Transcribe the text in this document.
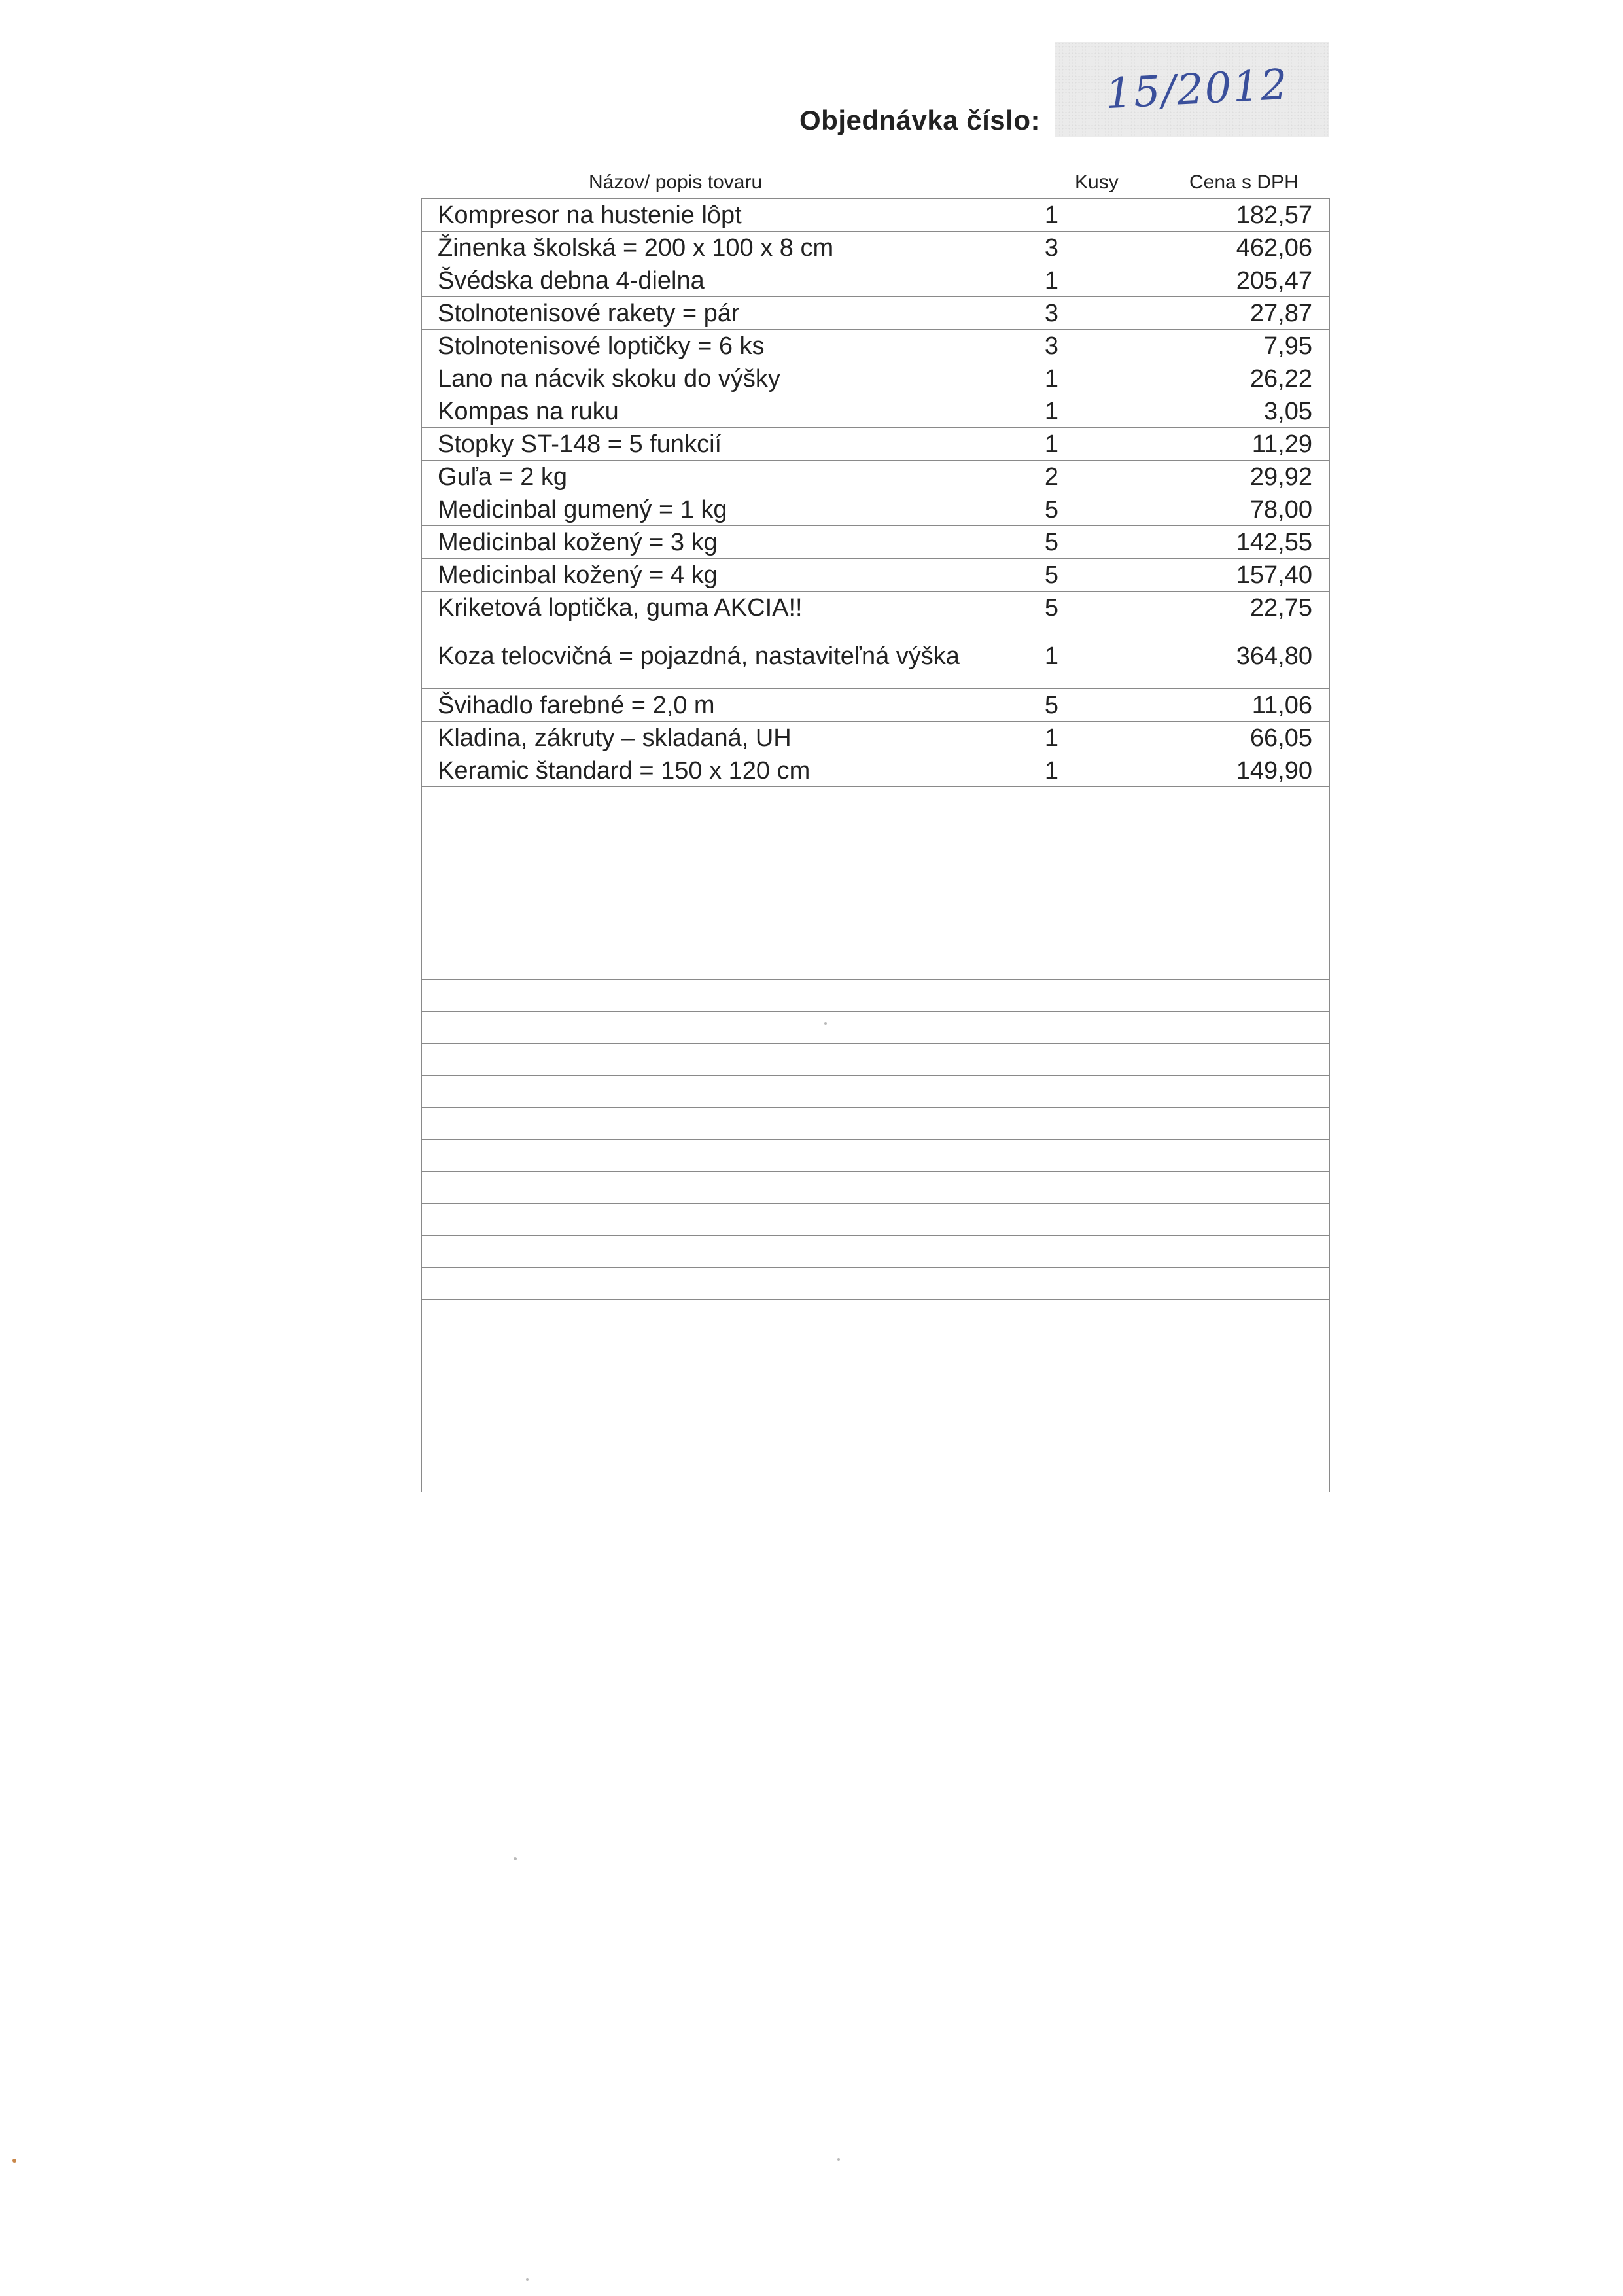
Objednávka číslo:
15/2012
Názov/ popis tovaru	Kusy	Cena s DPH
Kompresor na hustenie lôpt	1	182,57
Žinenka školská = 200 x 100 x 8 cm	3	462,06
Švédska debna 4-dielna	1	205,47
Stolnotenisové rakety = pár	3	27,87
Stolnotenisové loptičky = 6 ks	3	7,95
Lano na nácvik skoku do výšky	1	26,22
Kompas na ruku	1	3,05
Stopky ST-148 = 5 funkcií	1	11,29
Guľa = 2 kg	2	29,92
Medicinbal gumený = 1 kg	5	78,00
Medicinbal kožený = 3 kg	5	142,55
Medicinbal kožený = 4 kg	5	157,40
Kriketová loptička, guma AKCIA!!	5	22,75
Koza telocvičná = pojazdná, nastaviteľná výška	1	364,80
Švihadlo farebné = 2,0 m	5	11,06
Kladina, zákruty – skladaná, UH	1	66,05
Keramic štandard = 150 x 120 cm	1	149,90
